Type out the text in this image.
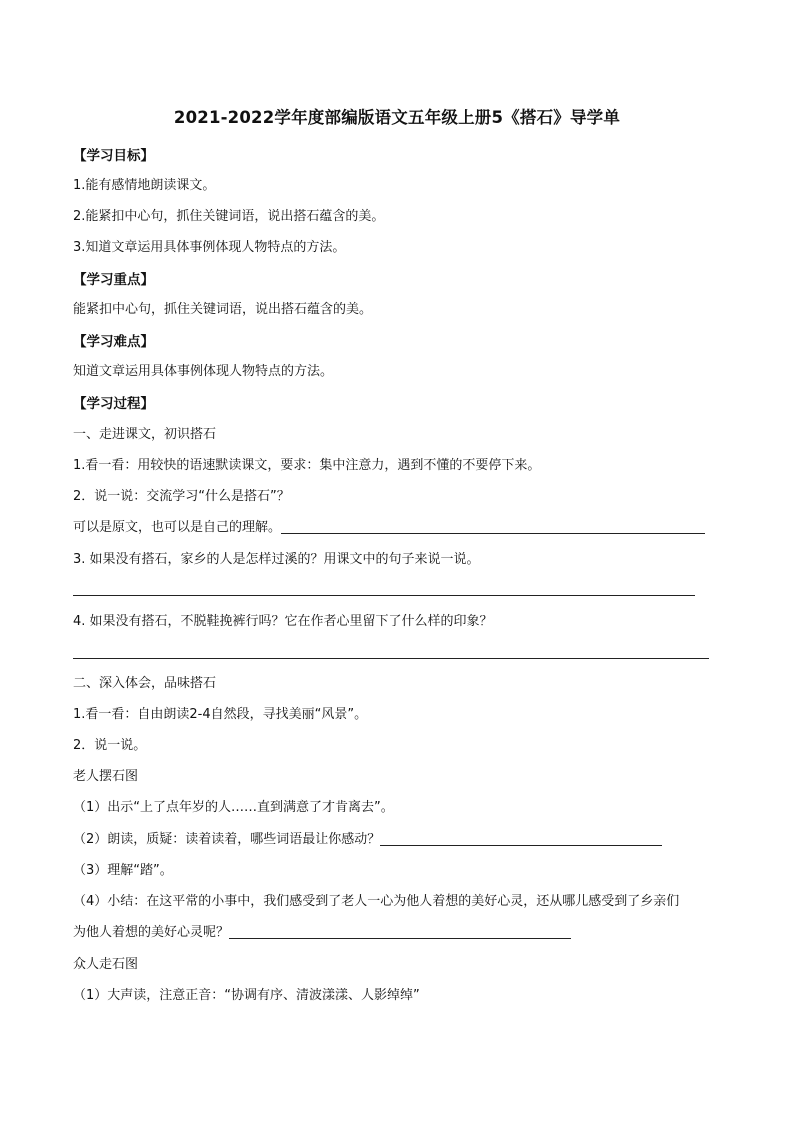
2021-2022学年度部编版语文五年级上册5《搭石》导学单
【学习目标】
1.能有感情地朗读课文。
2.能紧扣中心句，抓住关键词语，说出搭石蕴含的美。
3.知道文章运用具体事例体现人物特点的方法。
【学习重点】
能紧扣中心句，抓住关键词语，说出搭石蕴含的美。
【学习难点】
知道文章运用具体事例体现人物特点的方法。
【学习过程】
一、走进课文，初识搭石
1.看一看：用较快的语速默读课文，要求：集中注意力，遇到不懂的不要停下来。
2．说一说：交流学习“什么是搭石”？
可以是原文，也可以是自己的理解。
3. 如果没有搭石，家乡的人是怎样过溪的？用课文中的句子来说一说。
4. 如果没有搭石，不脱鞋挽裤行吗？它在作者心里留下了什么样的印象？
二、深入体会，品味搭石
1.看一看：自由朗读2-4自然段，寻找美丽“风景”。
2．说一说。
老人摆石图
（1）出示“上了点年岁的人……直到满意了才肯离去”。
（2）朗读，质疑：读着读着，哪些词语最让你感动？
（3）理解“踏”。
（4）小结：在这平常的小事中，我们感受到了老人一心为他人着想的美好心灵，还从哪儿感受到了乡亲们
为他人着想的美好心灵呢？
众人走石图
（1）大声读，注意正音：“协调有序、清波漾漾、人影绰绰”
